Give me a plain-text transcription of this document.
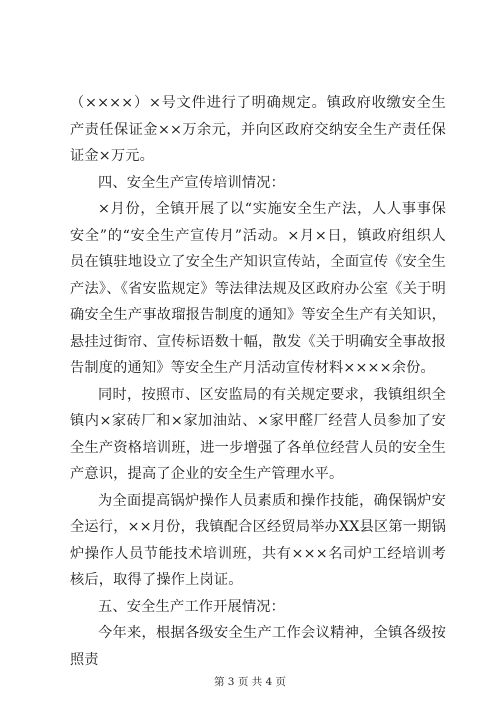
（××××）×号文件进行了明确规定。镇政府收缴安全生产责任保证金××万余元，并向区政府交纳安全生产责任保证金×万元。

四、安全生产宣传培训情况：

×月份，全镇开展了以“实施安全生产法，人人事事保安全”的“安全生产宣传月”活动。×月×日，镇政府组织人员在镇驻地设立了安全生产知识宣传站，全面宣传《安全生产法》、《省安监规定》等法律法规及区政府办公室《关于明确安全生产事故瑠报告制度的通知》等安全生产有关知识，悬挂过街帘、宣传标语数十幅，散发《关于明确安全事故报告制度的通知》等安全生产月活动宣传材料××××余份。

同时，按照市、区安监局的有关规定要求，我镇组织全镇内×家砖厂和×家加油站、×家甲醛厂经营人员参加了安全生产资格培训班，进一步增强了各单位经营人员的安全生产意识，提高了企业的安全生产管理水平。

为全面提高锅炉操作人员素质和操作技能，确保锅炉安全运行，××月份，我镇配合区经贸局举办XX县区第一期锅炉操作人员节能技术培训班，共有×××名司炉工经培训考核后，取得了操作上岗证。

五、安全生产工作开展情况：

今年来，根据各级安全生产工作会议精神，全镇各级按照责

第 3 页 共 4 页
